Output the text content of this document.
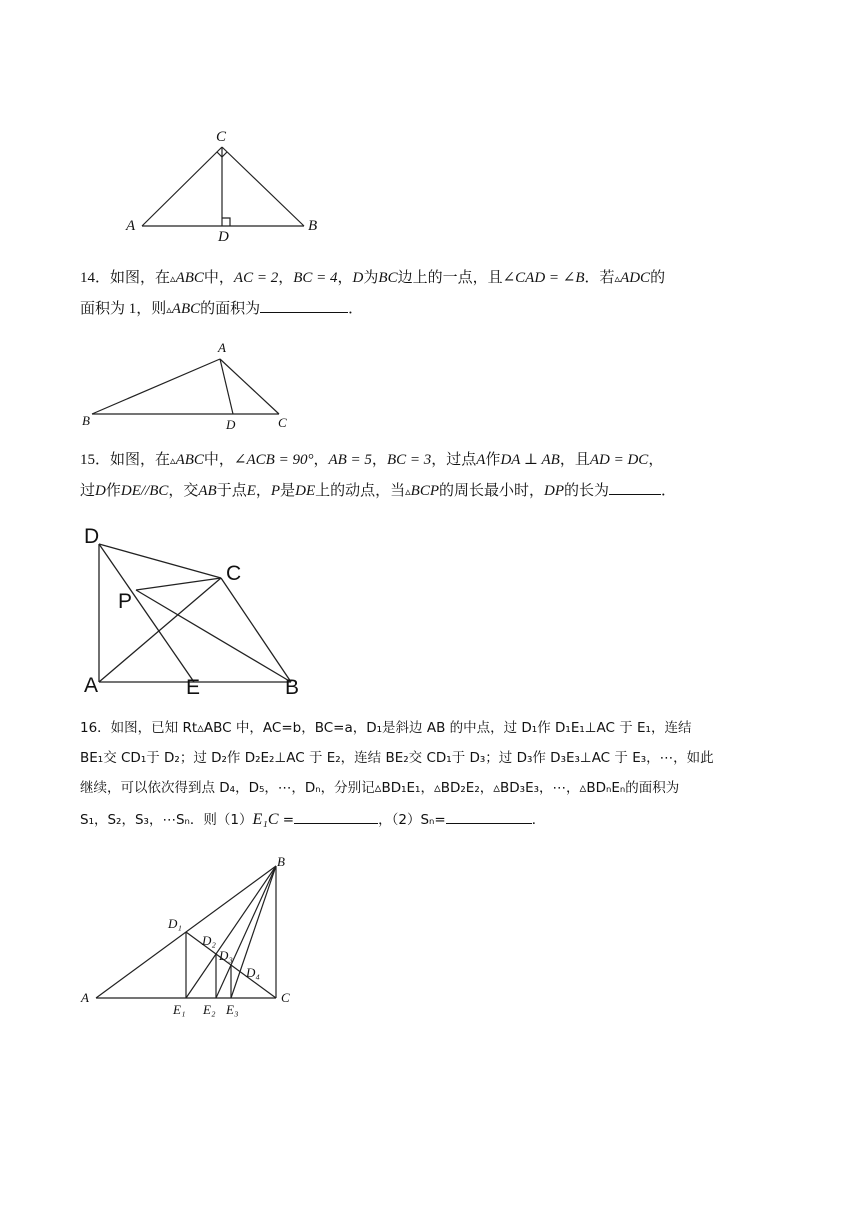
C
A	B
D
14．如图，在▵ABC中，AC = 2，BC = 4，D为BC边上的一点，且∠CAD = ∠B．若▵ADC的
面积为 1，则▵ABC的面积为	．
A
B	D	C
15．如图，在▵ABC中，∠ACB = 90°，AB = 5，BC = 3，过点A作DA ⊥ AB，且AD = DC，
过D作DE//BC，交AB于点E，P是DE上的动点，当▵BCP的周长最小时，DP的长为	．
D
C
P
A	E	B
16．如图，已知 Rt▵ABC 中，AC=b，BC=a，D₁是斜边 AB 的中点，过 D₁作 D₁E₁⊥AC 于 E₁，连结
BE₁交 CD₁于 D₂；过 D₂作 D₂E₂⊥AC 于 E₂，连结 BE₂交 CD₁于 D₃；过 D₃作 D₃E₃⊥AC 于 E₃，⋯，如此
继续，可以依次得到点 D₄，D₅，⋯，Dₙ，分别记▵BD₁E₁，▵BD₂E₂，▵BD₃E₃，⋯，▵BDₙEₙ的面积为
S₁，S₂，S₃，⋯Sₙ．则（1）E₁C =	，（2）Sₙ=	．
B
A	C
D₁
D₂
D₃
D₄
E₁ E₂ E₃
